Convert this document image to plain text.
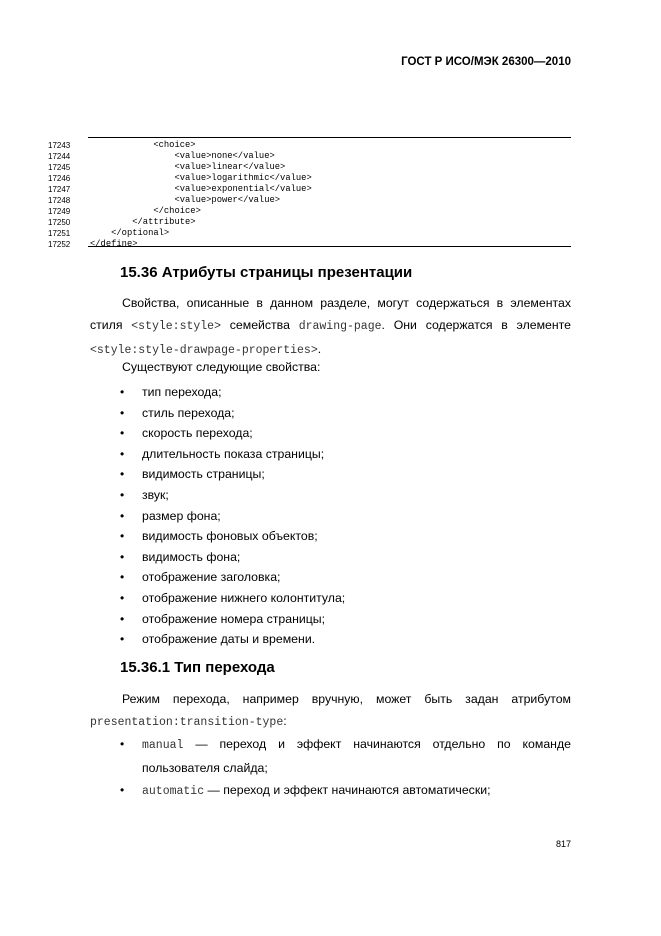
ГОСТ Р ИСО/МЭК 26300—2010
17243	<choice>
17244	<value>none</value>
17245	<value>linear</value>
17246	<value>logarithmic</value>
17247	<value>exponential</value>
17248	<value>power</value>
17249	</choice>
17250	</attribute>
17251	</optional>
17252	</define>
15.36 Атрибуты страницы презентации
Свойства, описанные в данном разделе, могут содержаться в элементах стиля <style:style> семейства drawing-page. Они содержатся в элементе <style:style-drawpage-properties>.
Существуют следующие свойства:
• тип перехода;
• стиль перехода;
• скорость перехода;
• длительность показа страницы;
• видимость страницы;
• звук;
• размер фона;
• видимость фоновых объектов;
• видимость фона;
• отображение заголовка;
• отображение нижнего колонтитула;
• отображение номера страницы;
• отображение даты и времени.
15.36.1 Тип перехода
Режим перехода, например вручную, может быть задан атрибутом
presentation:transition-type:
• manual — переход и эффект начинаются отдельно по команде
пользователя слайда;
• automatic — переход и эффект начинаются автоматически;
817
